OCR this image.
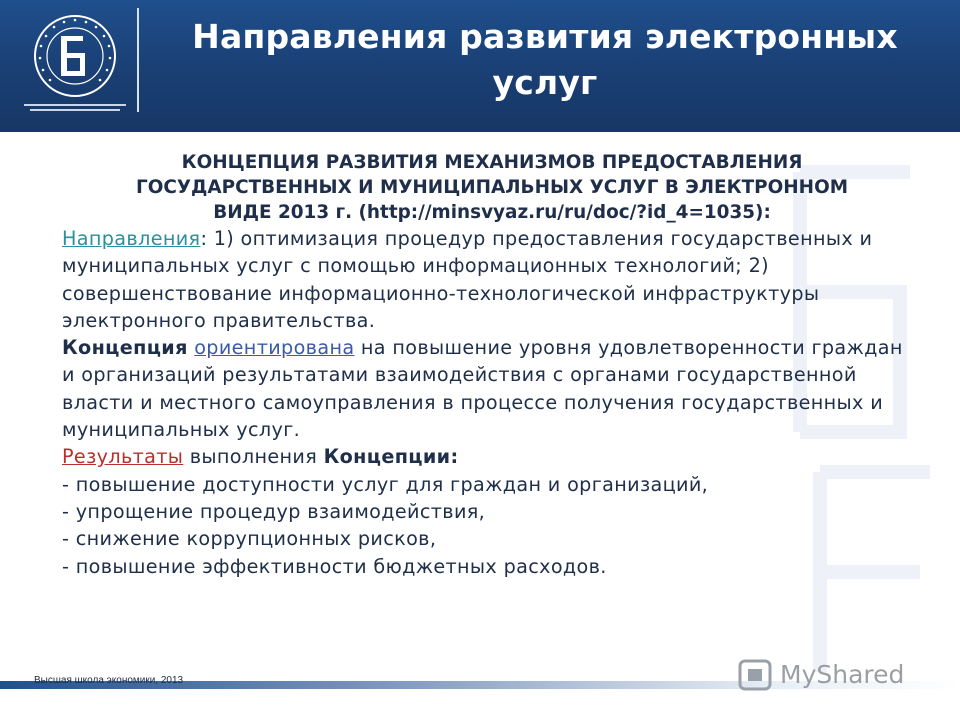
Направления развития электронных
услуг
КОНЦЕПЦИЯ РАЗВИТИЯ МЕХАНИЗМОВ ПРЕДОСТАВЛЕНИЯ
ГОСУДАРСТВЕННЫХ И МУНИЦИПАЛЬНЫХ УСЛУГ В ЭЛЕКТРОННОМ
ВИДЕ 2013 г. (http://minsvyaz.ru/ru/doc/?id_4=1035):

Направления: 1) оптимизация процедур предоставления государственных и муниципальных услуг с помощью информационных технологий; 2) совершенствование информационно-технологической инфраструктуры электронного правительства.

Концепция ориентирована на повышение уровня удовлетворенности граждан и организаций результатами взаимодействия с органами государственной власти и местного самоуправления в процессе получения государственных и муниципальных услуг.

Результаты выполнения Концепции:

- повышение доступности услуг для граждан и организаций,

- упрощение процедур взаимодействия,

- снижение коррупционных рисков,

- повышение эффективности бюджетных расходов.

Высшая школа экономики, 2013	MyShared
